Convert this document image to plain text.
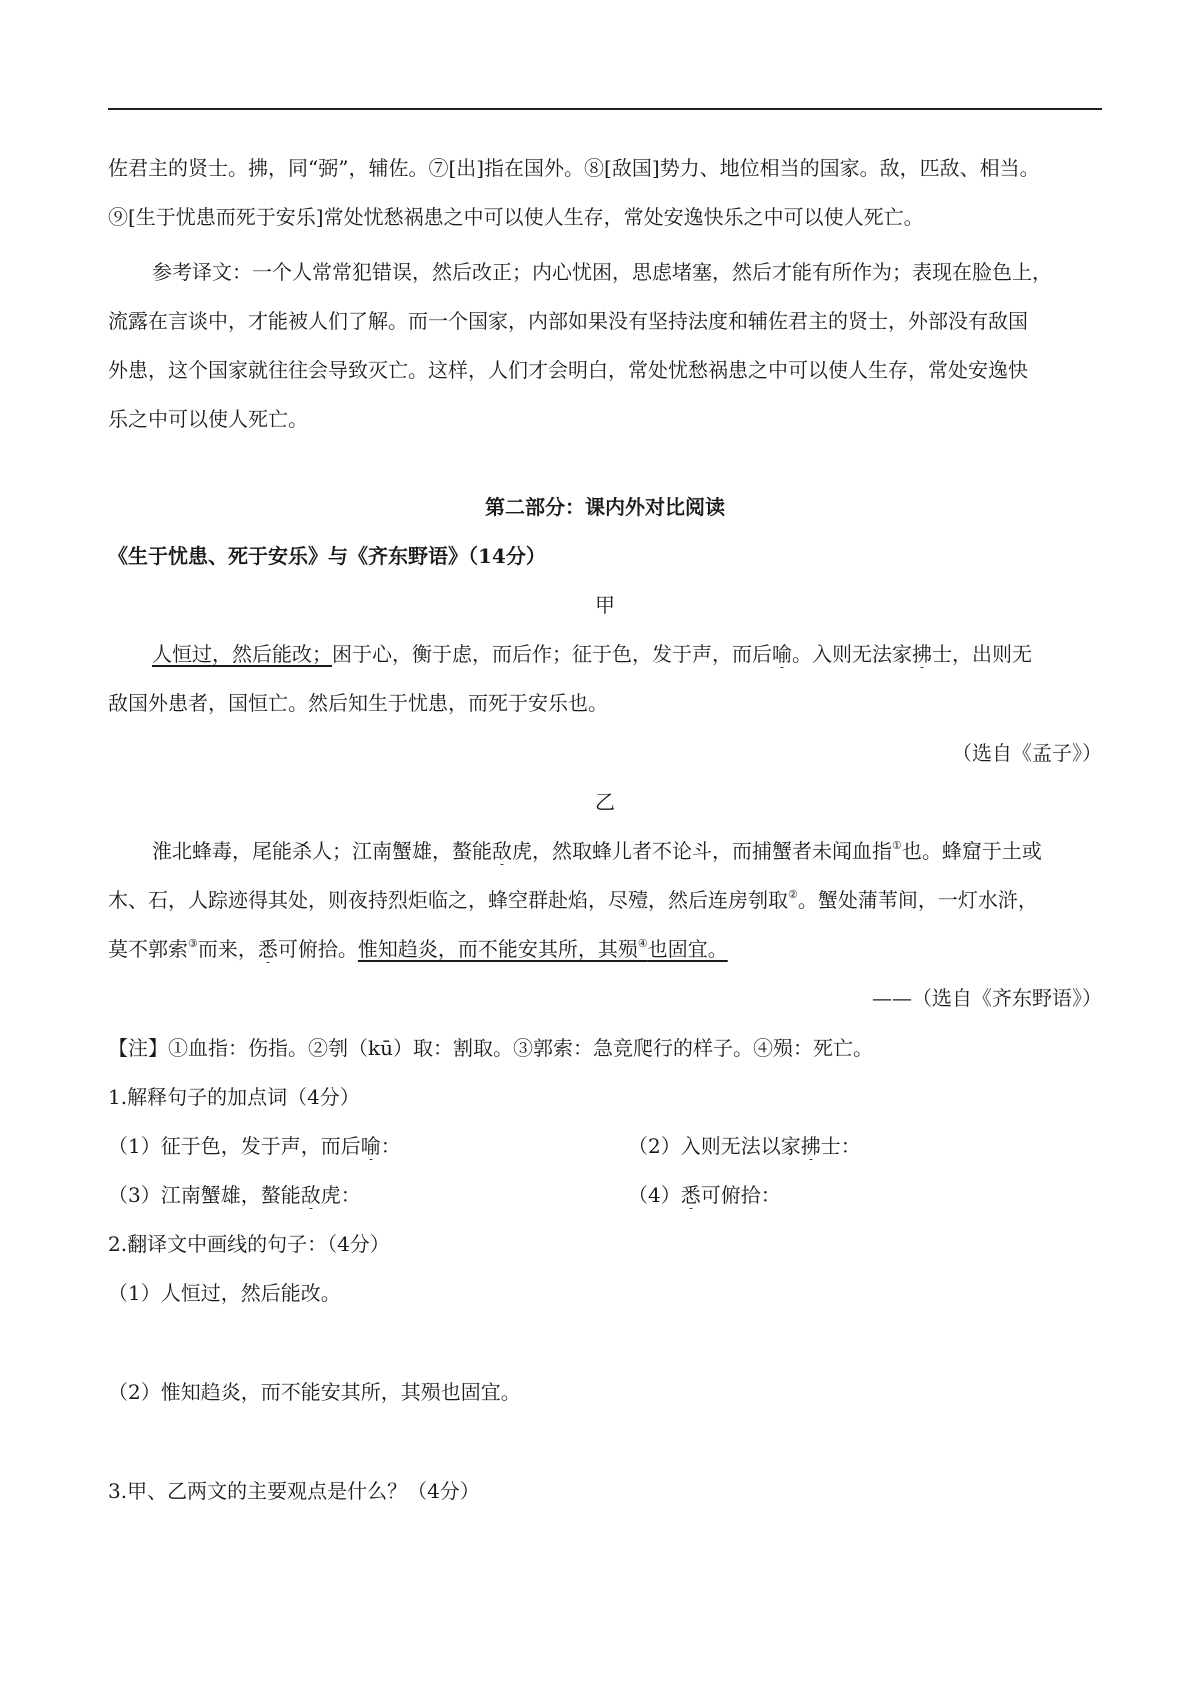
佐君主的贤士。拂，同“弼”，辅佐。⑦[出]指在国外。⑧[敌国]势力、地位相当的国家。敌，匹敌、相当。
⑨[生于忧患而死于安乐]常处忧愁祸患之中可以使人生存，常处安逸快乐之中可以使人死亡。
参考译文：一个人常常犯错误，然后改正；内心忧困，思虑堵塞，然后才能有所作为；表现在脸色上，
流露在言谈中，才能被人们了解。而一个国家，内部如果没有坚持法度和辅佐君主的贤士，外部没有敌国
外患，这个国家就往往会导致灭亡。这样，人们才会明白，常处忧愁祸患之中可以使人生存，常处安逸快
乐之中可以使人死亡。
第二部分：课内外对比阅读
《生于忧患、死于安乐》与《齐东野语》（14分）
甲
人恒过，然后能改；困于心，衡于虑，而后作；征于色，发于声，而后喻。入则无法家拂士，出则无
敌国外患者，国恒亡。然后知生于忧患，而死于安乐也。
（选自《孟子》）
乙
淮北蜂毒，尾能杀人；江南蟹雄，螯能敌虎，然取蜂儿者不论斗，而捕蟹者未闻血指①也。蜂窟于土或
木、石，人踪迹得其处，则夜持烈炬临之，蜂空群赴焰，尽殪，然后连房刳取②。蟹处蒲苇间，一灯水浒，
莫不郭索③而来，悉可俯拾。惟知趋炎，而不能安其所，其殒④也固宜。
——（选自《齐东野语》）
【注】①血指：伤指。②刳（kū）取：割取。③郭索：急竞爬行的样子。④殒：死亡。
1.解释句子的加点词（4分）
（1）征于色，发于声，而后喻：	（2）入则无法以家拂士：
（3）江南蟹雄，螯能敌虎：	（4）悉可俯拾：
2.翻译文中画线的句子：（4分）
（1）人恒过，然后能改。
（2）惟知趋炎，而不能安其所，其殒也固宜。
3.甲、乙两文的主要观点是什么？（4分）
